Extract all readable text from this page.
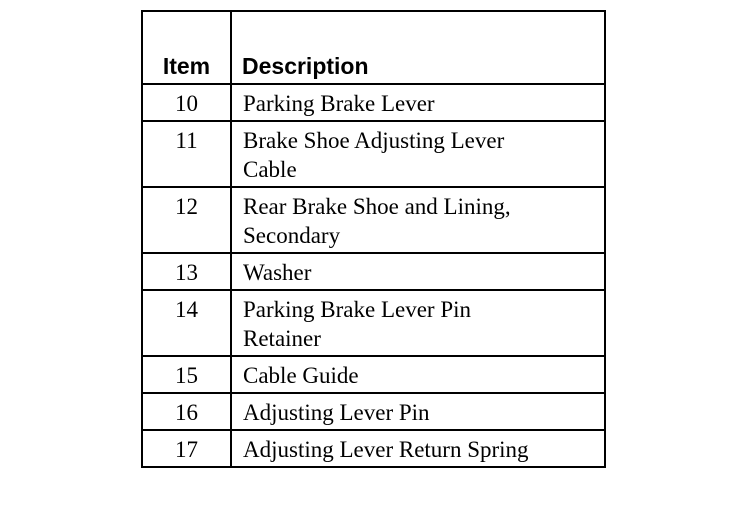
Item	Description
10	Parking Brake Lever
11	Brake Shoe Adjusting Lever
Cable
12	Rear Brake Shoe and Lining,
Secondary
13	Washer
14	Parking Brake Lever Pin
Retainer
15	Cable Guide
16	Adjusting Lever Pin
17	Adjusting Lever Return Spring
